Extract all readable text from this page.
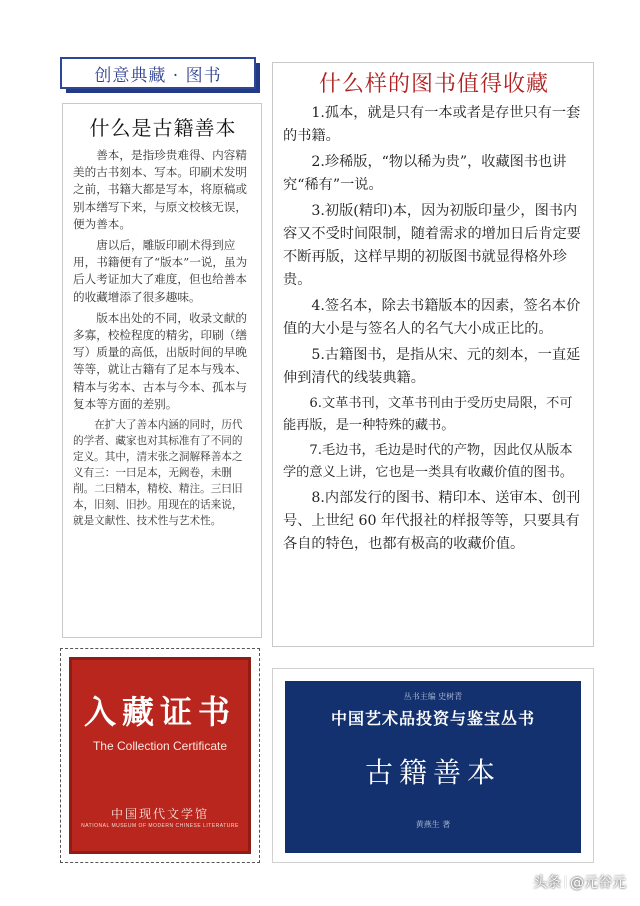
创意典藏 · 图书
什么是古籍善本

善本，是指珍贵难得、内容精美的古书刻本、写本。印刷术发明之前，书籍大都是写本，将原稿或别本缮写下来，与原文校核无误，便为善本。

唐以后，雕版印刷术得到应用，书籍便有了“版本”一说，虽为后人考证加大了难度，但也给善本的收藏增添了很多趣味。

版本出处的不同，收录文献的多寡，校检程度的精劣，印刷（缮写）质量的高低，出版时间的早晚等等，就让古籍有了足本与残本、精本与劣本、古本与今本、孤本与复本等方面的差别。

在扩大了善本内涵的同时，历代的学者、藏家也对其标准有了不同的定义。其中，清末张之洞解释善本之义有三：一曰足本，无阙卷，未删削。二曰精本，精校、精注。三曰旧本，旧刻、旧抄。用现在的话来说，就是文献性、技术性与艺术性。

什么样的图书值得收藏

1.孤本，就是只有一本或者是存世只有一套的书籍。

2.珍稀版，“物以稀为贵”，收藏图书也讲究“稀有”一说。

3.初版(精印)本，因为初版印量少，图书内容又不受时间限制，随着需求的增加日后肯定要不断再版，这样早期的初版图书就显得格外珍贵。

4.签名本，除去书籍版本的因素，签名本价值的大小是与签名人的名气大小成正比的。

5.古籍图书，是指从宋、元的刻本，一直延伸到清代的线装典籍。

6.文革书刊，文革书刊由于受历史局限，不可能再版，是一种特殊的藏书。

7.毛边书，毛边是时代的产物，因此仅从版本学的意义上讲，它也是一类具有收藏价值的图书。

8.内部发行的图书、精印本、送审本、创刊号、上世纪 60 年代报社的样报等等，只要具有各自的特色，也都有极高的收藏价值。

入藏证书
The Collection Certificate
中国现代文学馆
NATIONAL MUSEUM OF MODERN CHINESE LITERATURE
丛书主编 史树青
中国艺术品投资与鉴宝丛书
古籍善本
黄燕生 著
头条 @元谷元
